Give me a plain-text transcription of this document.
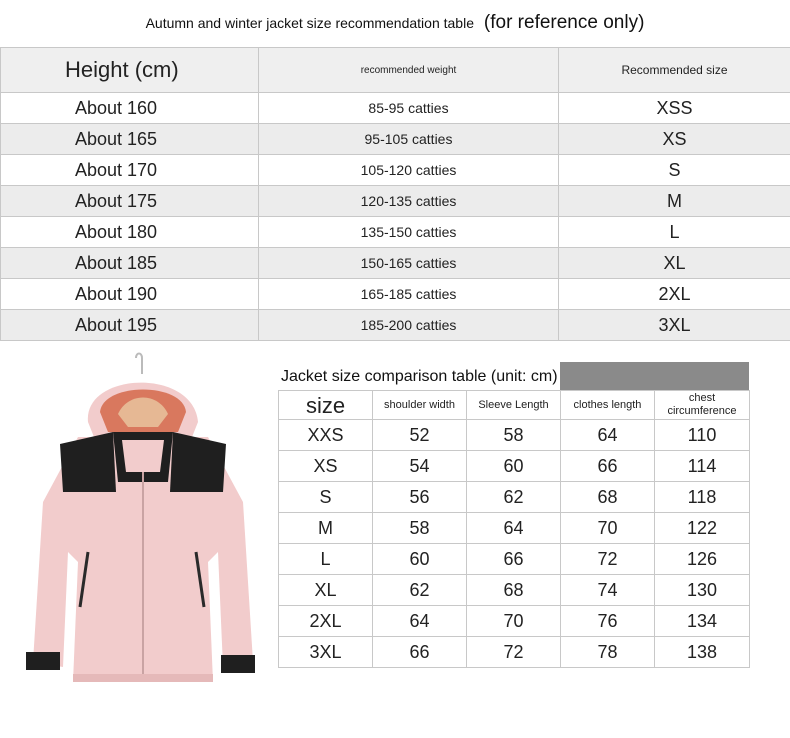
Autumn and winter jacket size recommendation table (for reference only)
Height (cm)	recommended weight	Recommended size
About 160	85-95 catties	XSS
About 165	95-105 catties	XS
About 170	105-120 catties	S
About 175	120-135 catties	M
About 180	135-150 catties	L
About 185	150-165 catties	XL
About 190	165-185 catties	2XL
About 195	185-200 catties	3XL
Jacket size comparison table (unit: cm)
size	shoulder width	Sleeve Length	clothes length	chest circumference
XXS	52	58	64	110
XS	54	60	66	114
S	56	62	68	118
M	58	64	70	122
L	60	66	72	126
XL	62	68	74	130
2XL	64	70	76	134
3XL	66	72	78	138
